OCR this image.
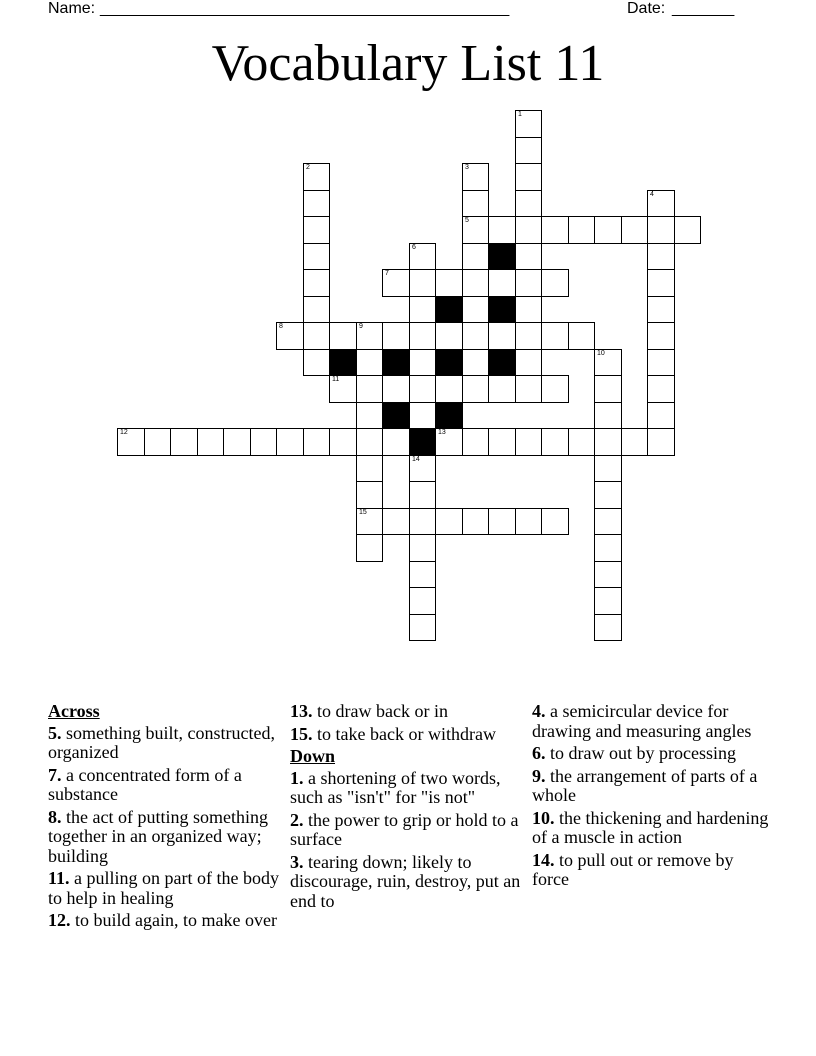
Name: ______________________________________________	Date: _______
Vocabulary List 11
5
7
8	9
11
12	13
15
1
2	3
4
6
10
14
Across
5. something built, constructed, organized
7. a concentrated form of a substance
8. the act of putting something together in an organized way; building
11. a pulling on part of the body to help in healing
12. to build again, to make over
13. to draw back or in
15. to take back or withdraw
Down
1. a shortening of two words, such as "isn't" for "is not"
2. the power to grip or hold to a surface
3. tearing down; likely to discourage, ruin, destroy, put an end to
4. a semicircular device for drawing and measuring angles
6. to draw out by processing
9. the arrangement of parts of a whole
10. the thickening and hardening of a muscle in action
14. to pull out or remove by force
